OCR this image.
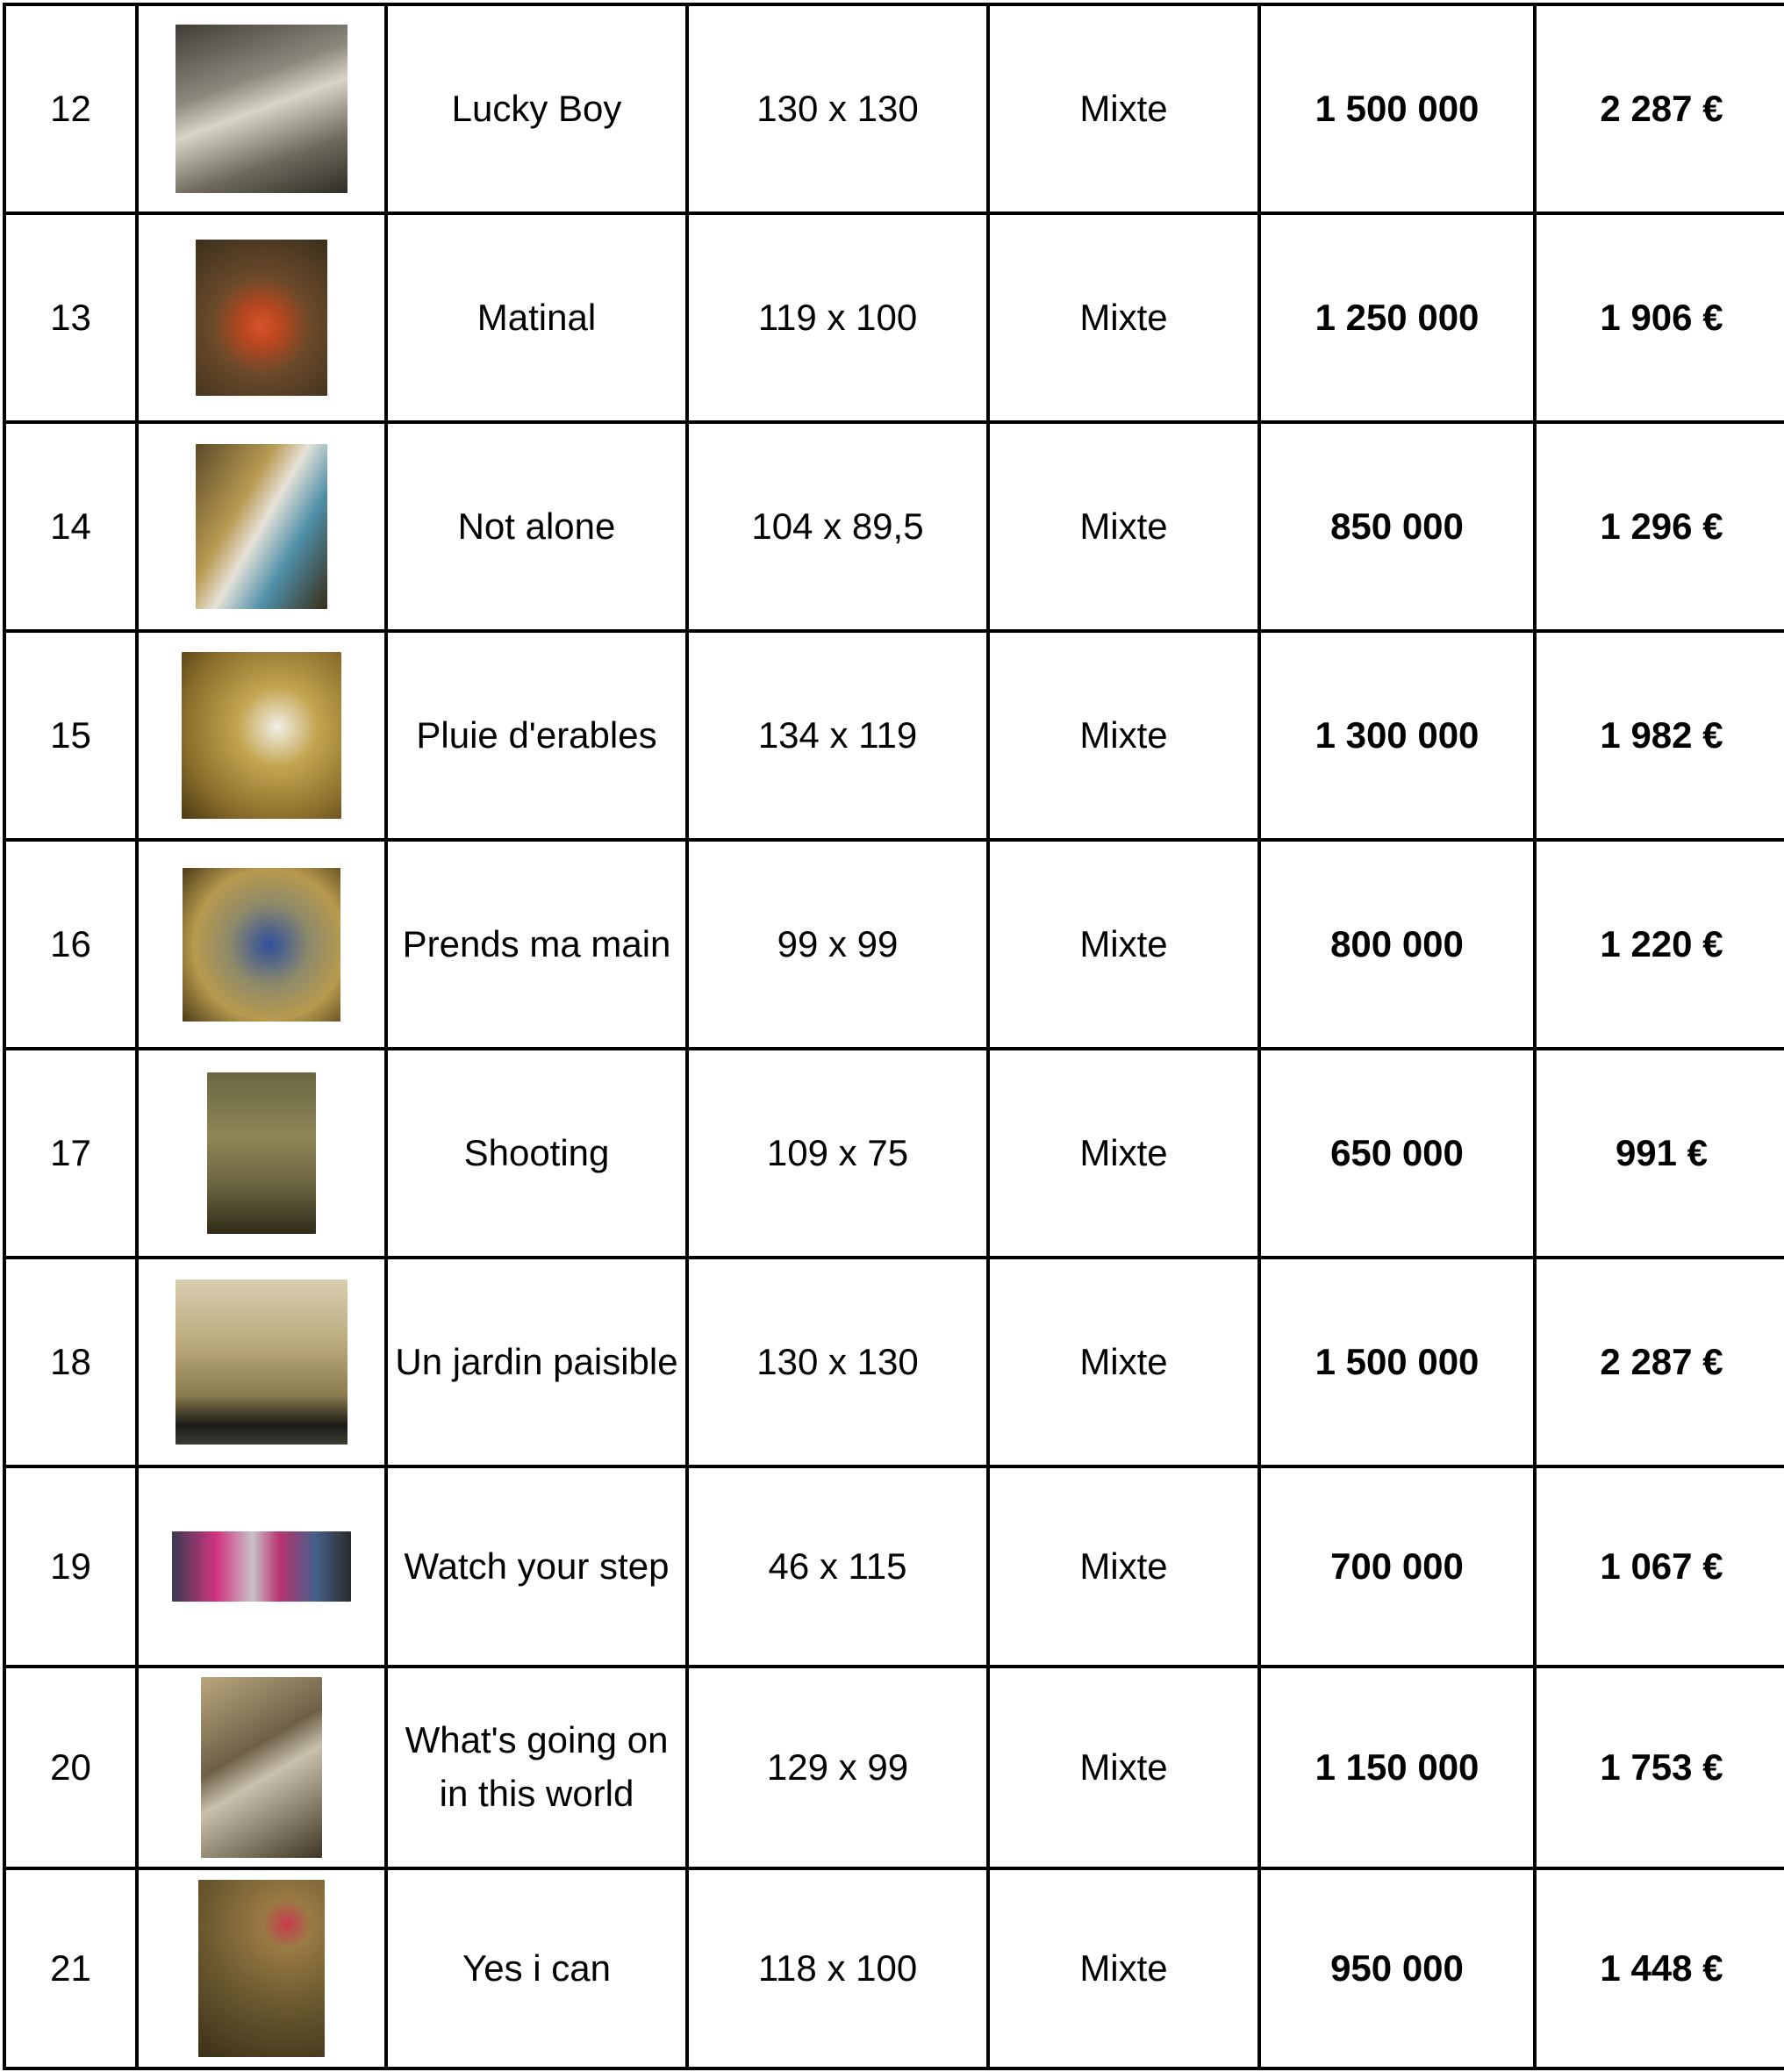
12		Lucky Boy	130 x 130	Mixte	1 500 000	2 287 €
13		Matinal	119 x 100	Mixte	1 250 000	1 906 €
14		Not alone	104 x 89,5	Mixte	850 000	1 296 €
15		Pluie d'erables	134 x 119	Mixte	1 300 000	1 982 €
16		Prends ma main	99 x 99	Mixte	800 000	1 220 €
17		Shooting	109 x 75	Mixte	650 000	991 €
18		Un jardin paisible	130 x 130	Mixte	1 500 000	2 287 €
19		Watch your step	46 x 115	Mixte	700 000	1 067 €
20		What's going on
in this world	129 x 99	Mixte	1 150 000	1 753 €
21		Yes i can	118 x 100	Mixte	950 000	1 448 €
